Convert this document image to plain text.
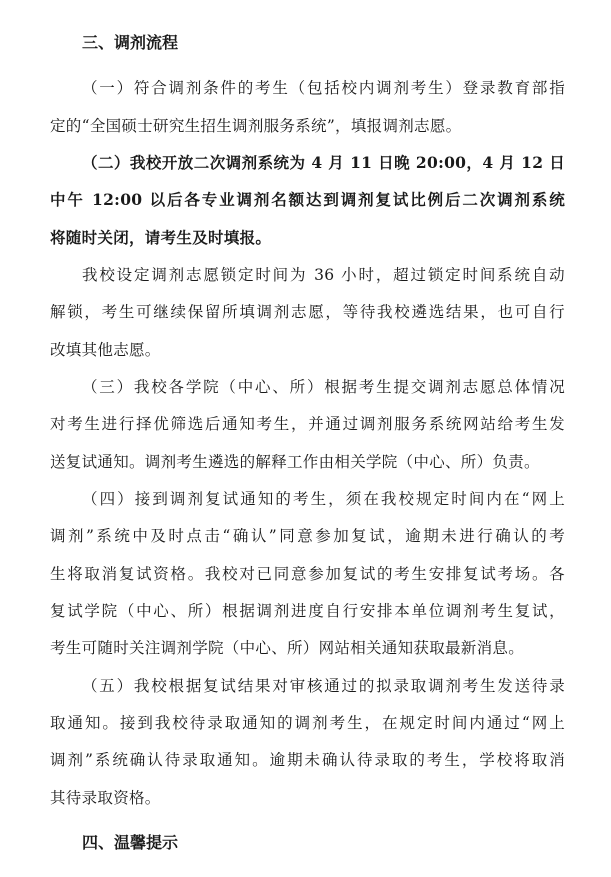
三、调剂流程
（一）符合调剂条件的考生（包括校内调剂考生）登录教育部指
定的“全国硕士研究生招生调剂服务系统”，填报调剂志愿。
（二）我校开放二次调剂系统为 4 月 11 日晚 20:00，4 月 12 日
中午 12:00 以后各专业调剂名额达到调剂复试比例后二次调剂系统
将随时关闭，请考生及时填报。
我校设定调剂志愿锁定时间为 36 小时，超过锁定时间系统自动
解锁，考生可继续保留所填调剂志愿，等待我校遴选结果，也可自行
改填其他志愿。
（三）我校各学院（中心、所）根据考生提交调剂志愿总体情况
对考生进行择优筛选后通知考生，并通过调剂服务系统网站给考生发
送复试通知。调剂考生遴选的解释工作由相关学院（中心、所）负责。
（四）接到调剂复试通知的考生，须在我校规定时间内在“网上
调剂”系统中及时点击“确认”同意参加复试，逾期未进行确认的考
生将取消复试资格。我校对已同意参加复试的考生安排复试考场。各
复试学院（中心、所）根据调剂进度自行安排本单位调剂考生复试，
考生可随时关注调剂学院（中心、所）网站相关通知获取最新消息。
（五）我校根据复试结果对审核通过的拟录取调剂考生发送待录
取通知。接到我校待录取通知的调剂考生，在规定时间内通过“网上
调剂”系统确认待录取通知。逾期未确认待录取的考生，学校将取消
其待录取资格。
四、温馨提示
